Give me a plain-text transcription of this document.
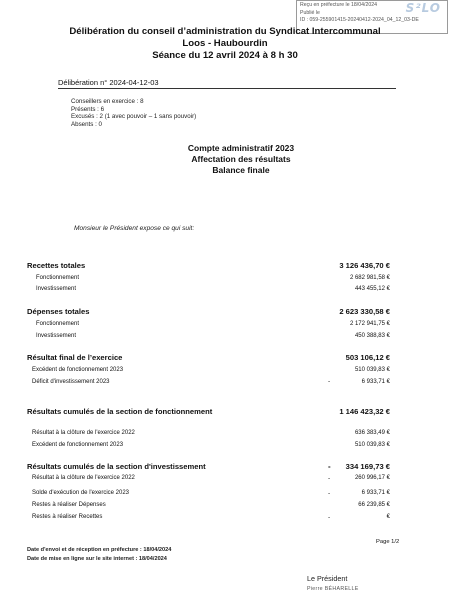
Reçu en préfecture le 18/04/2024
Publié le
ID : 059-255901415-20240412-2024_04_12_03-DE
S²LO
Délibération du conseil d’administration du Syndicat Intercommunal
Loos - Haubourdin
Séance du 12 avril 2024 à 8 h 30
Délibération n° 2024-04-12-03
Conseillers en exercice : 8
Présents : 6
Excusés : 2 (1 avec pouvoir – 1 sans pouvoir)
Absents : 0
Compte administratif 2023
Affectation des résultats
Balance finale
Monsieur le Président expose ce qui suit:
Recettes totales	3 126 436,70 €
Fonctionnement	2 682 981,58 €
Investissement	443 455,12 €
Dépenses totales	2 623 330,58 €
Fonctionnement	2 172 941,75 €
Investissement	450 388,83 €
Résultat final de l’exercice	503 106,12 €
Excédent de fonctionnement 2023	510 039,83 €
Déficit d'investissement 2023	-	6 933,71 €
Résultats cumulés de la section de fonctionnement	1 146 423,32 €
Résultat à la clôture de l'exercice 2022	636 383,49 €
Excédent de fonctionnement 2023	510 039,83 €
Résultats cumulés de la section d'investissement	- 334 169,73 €
Résultat à la clôture de l'exercice 2022	-	260 996,17 €
Solde d'exécution de l'exercice 2023	-	6 933,71 €
Restes à réaliser Dépenses	66 239,85 €
Restes à réaliser Recettes	-	€
Page 1/2
Date d'envoi et de réception en préfecture : 18/04/2024
Date de mise en ligne sur le site internet : 18/04/2024
Le Président
Pierre BÉHARELLE
